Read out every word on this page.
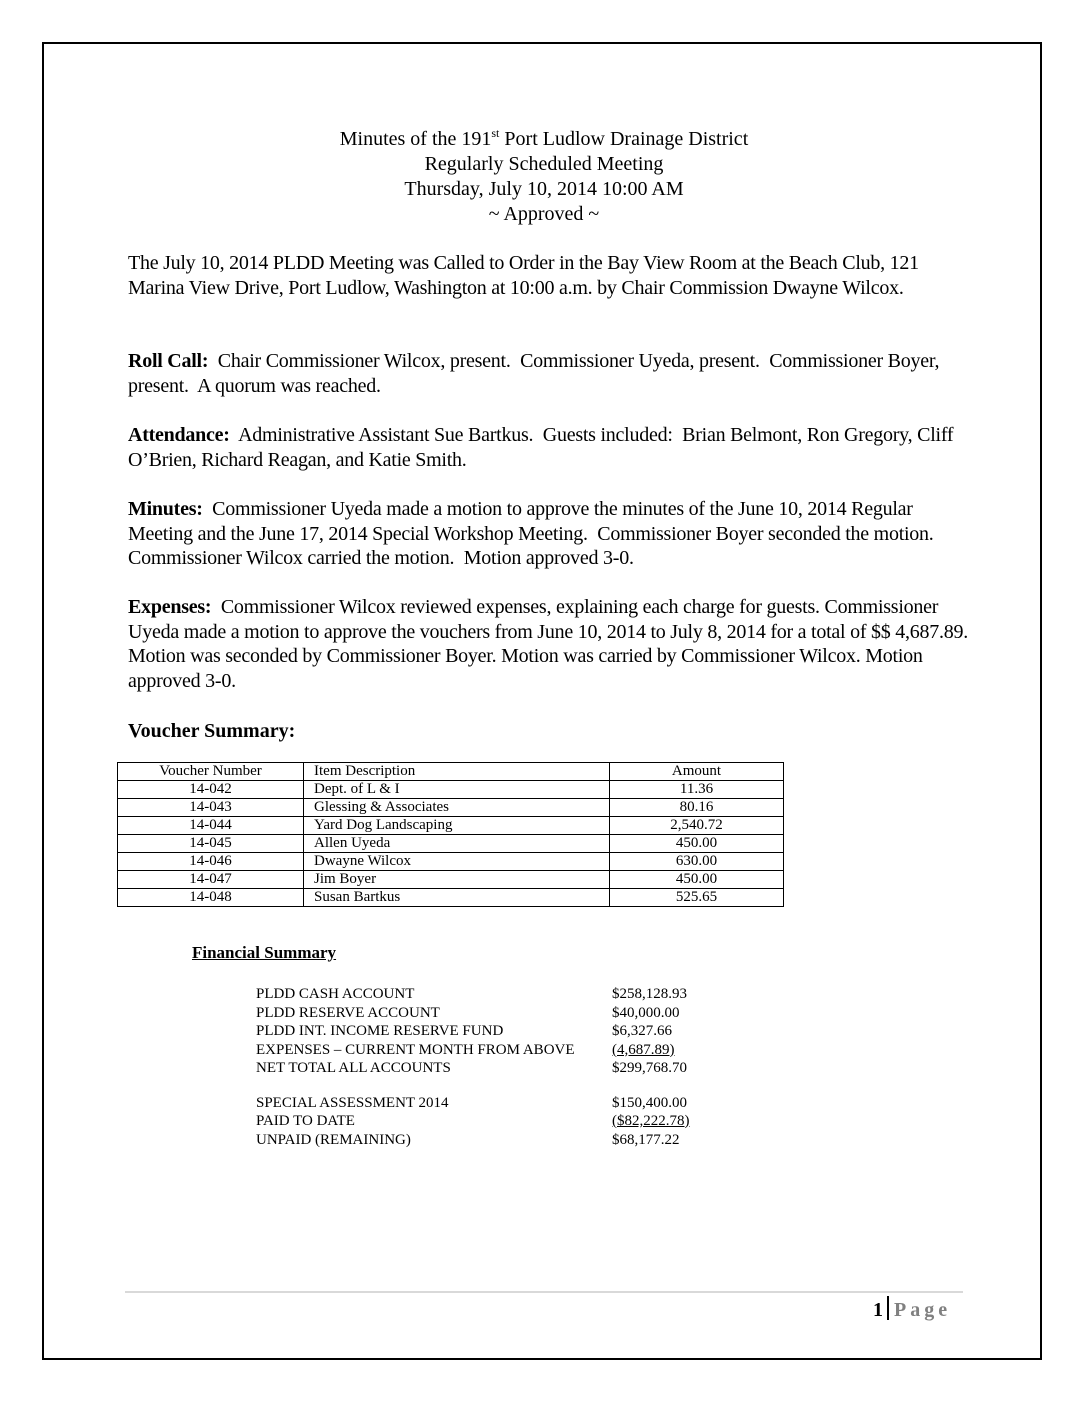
Minutes of the 191st Port Ludlow Drainage District
Regularly Scheduled Meeting
Thursday, July 10, 2014 10:00 AM
~ Approved ~
The July 10, 2014 PLDD Meeting was Called to Order in the Bay View Room at the Beach Club, 121 Marina View Drive, Port Ludlow, Washington at 10:00 a.m. by Chair Commission Dwayne Wilcox.
Roll Call:  Chair Commissioner Wilcox, present.  Commissioner Uyeda, present.  Commissioner Boyer, present.  A quorum was reached.
Attendance:  Administrative Assistant Sue Bartkus.  Guests included:  Brian Belmont, Ron Gregory, Cliff O’Brien, Richard Reagan, and Katie Smith.
Minutes:  Commissioner Uyeda made a motion to approve the minutes of the June 10, 2014 Regular Meeting and the June 17, 2014 Special Workshop Meeting.  Commissioner Boyer seconded the motion. Commissioner Wilcox carried the motion.  Motion approved 3-0.
Expenses:  Commissioner Wilcox reviewed expenses, explaining each charge for guests. Commissioner Uyeda made a motion to approve the vouchers from June 10, 2014 to July 8, 2014 for a total of $$ 4,687.89.   Motion was seconded by Commissioner Boyer. Motion was carried by Commissioner Wilcox. Motion approved 3-0.
Voucher Summary:
Voucher Number	Item Description	Amount
14-042	Dept. of L & I	11.36
14-043	Glessing & Associates	80.16
14-044	Yard Dog Landscaping	2,540.72
14-045	Allen Uyeda	450.00
14-046	Dwayne Wilcox	630.00
14-047	Jim Boyer	450.00
14-048	Susan Bartkus	525.65
Financial Summary
PLDD CASH ACCOUNT	$258,128.93
PLDD RESERVE ACCOUNT	$40,000.00
PLDD INT. INCOME RESERVE FUND	$6,327.66
EXPENSES – CURRENT MONTH FROM ABOVE	(4,687.89)
NET TOTAL ALL ACCOUNTS	$299,768.70
SPECIAL ASSESSMENT 2014	$150,400.00
PAID TO DATE	($82,222.78)
UNPAID (REMAINING)	$68,177.22
1 Page
